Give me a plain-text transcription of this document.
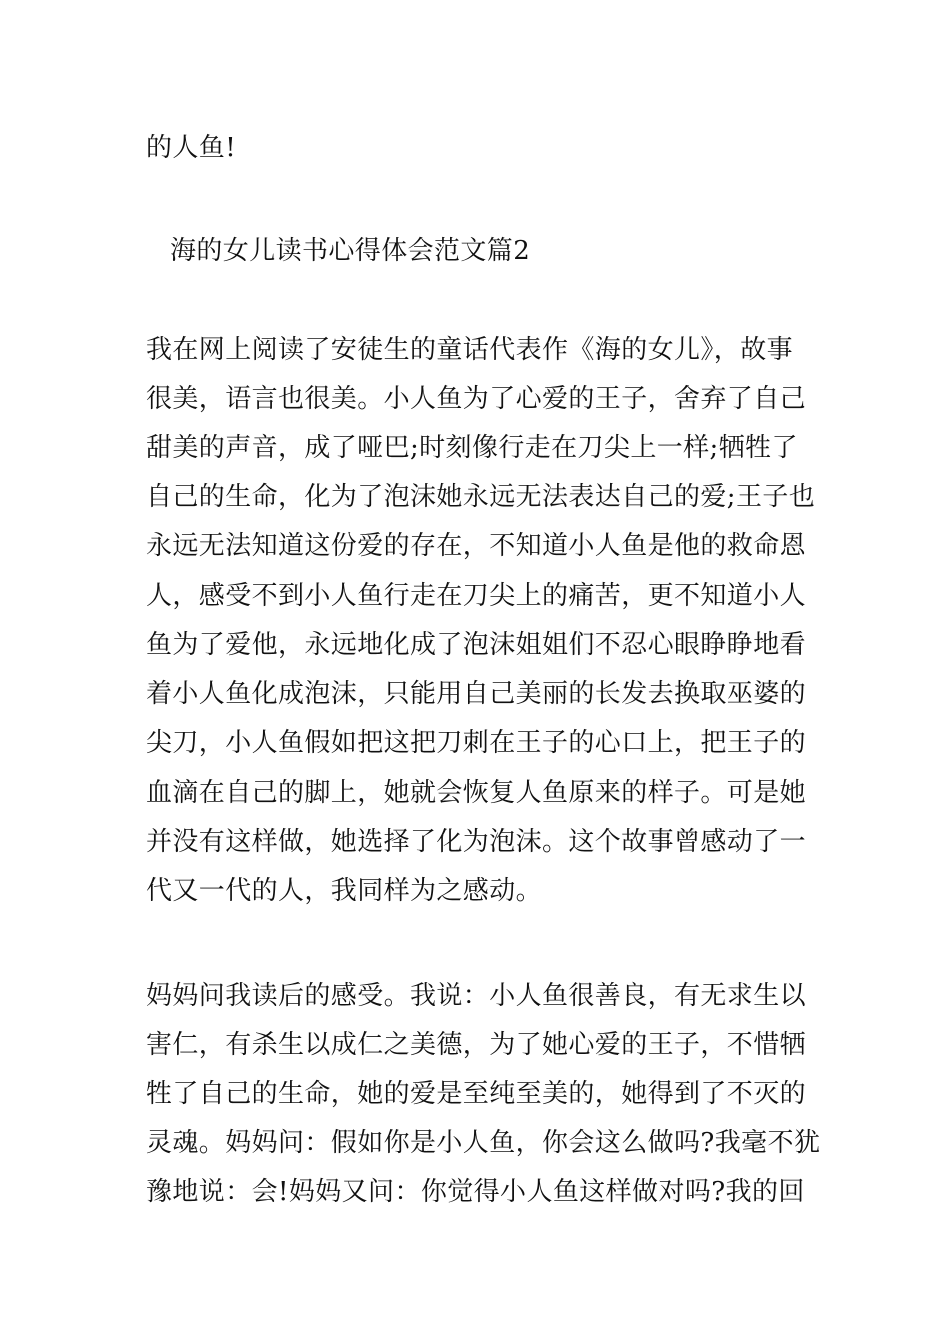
的人鱼!
海的女儿读书心得体会范文篇2
我在网上阅读了安徒生的童话代表作《海的女儿》，故事
很美，语言也很美。小人鱼为了心爱的王子，舍弃了自己
甜美的声音，成了哑巴;时刻像行走在刀尖上一样;牺牲了
自己的生命，化为了泡沫她永远无法表达自己的爱;王子也
永远无法知道这份爱的存在，不知道小人鱼是他的救命恩
人，感受不到小人鱼行走在刀尖上的痛苦，更不知道小人
鱼为了爱他，永远地化成了泡沫姐姐们不忍心眼睁睁地看
着小人鱼化成泡沫，只能用自己美丽的长发去换取巫婆的
尖刀，小人鱼假如把这把刀刺在王子的心口上，把王子的
血滴在自己的脚上，她就会恢复人鱼原来的样子。可是她
并没有这样做，她选择了化为泡沫。这个故事曾感动了一
代又一代的人，我同样为之感动。
妈妈问我读后的感受。我说：小人鱼很善良，有无求生以
害仁，有杀生以成仁之美德，为了她心爱的王子，不惜牺
牲了自己的生命，她的爱是至纯至美的，她得到了不灭的
灵魂。妈妈问：假如你是小人鱼，你会这么做吗?我毫不犹
豫地说：会!妈妈又问：你觉得小人鱼这样做对吗?我的回
